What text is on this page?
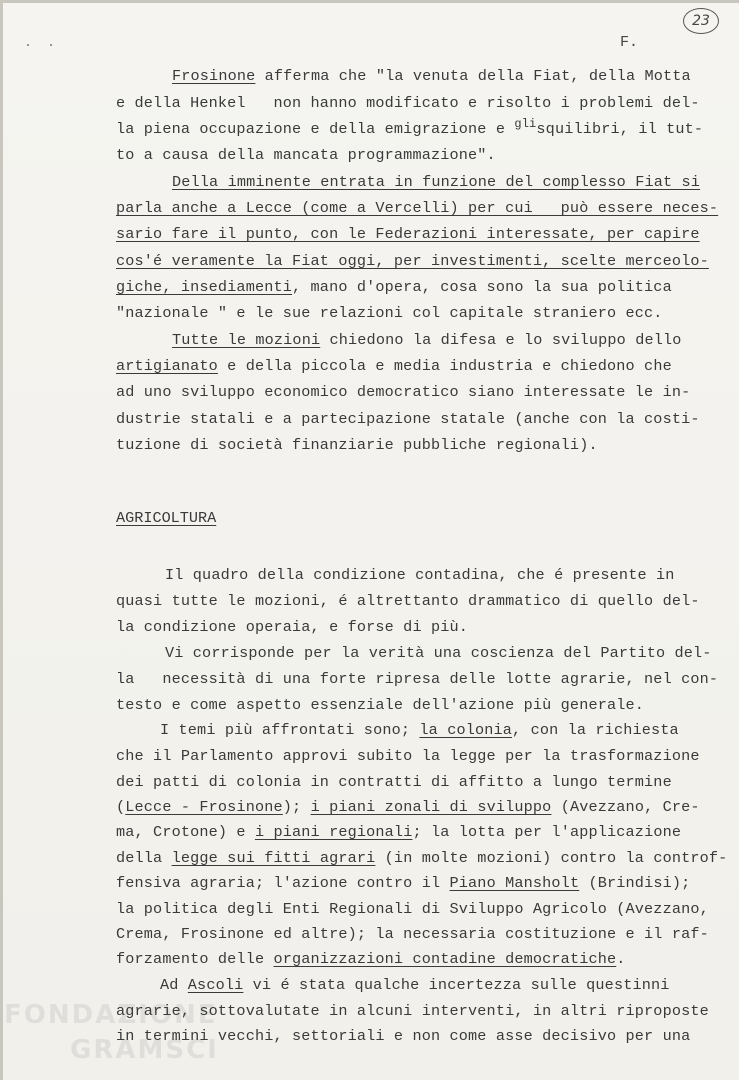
FONDAZIONE
GRAMSCI
23
F.
Frosinone afferma che "la venuta della Fiat, della Motta
e della Henkel   non hanno modificato e risolto i problemi del-
la piena occupazione e della emigrazione e $^{gli}$squilibri, il tut-
to a causa della mancata programmazione".
Della imminente entrata in funzione del complesso Fiat si
parla anche a Lecce (come a Vercelli) per cui   può essere neces-
sario fare il punto, con le Federazioni interessate, per capire
cos'é veramente la Fiat oggi, per investimenti, scelte merceolo-
giche, insediamenti, mano d'opera, cosa sono la sua politica
"nazionale " e le sue relazioni col capitale straniero ecc.
Tutte le mozioni chiedono la difesa e lo sviluppo dello
artigianato e della piccola e media industria e chiedono che
ad uno sviluppo economico democratico siano interessate le in-
dustrie statali e a partecipazione statale (anche con la costi-
tuzione di società finanziarie pubbliche regionali).
AGRICOLTURA
Il quadro della condizione contadina, che é presente in
quasi tutte le mozioni, é altrettanto drammatico di quello del-
la condizione operaia, e forse di più.
Vi corrisponde per la verità una coscienza del Partito del-
la   necessità di una forte ripresa delle lotte agrarie, nel con-
testo e come aspetto essenziale dell'azione più generale.
I temi più affrontati sono; la colonia, con la richiesta
che il Parlamento approvi subito la legge per la trasformazione
dei patti di colonia in contratti di affitto a lungo termine
(Lecce - Frosinone); i piani zonali di sviluppo (Avezzano, Cre-
ma, Crotone) e i piani regionali; la lotta per l'applicazione
della legge sui fitti agrari (in molte mozioni) contro la controf-
fensiva agraria; l'azione contro il Piano Mansholt (Brindisi);
la politica degli Enti Regionali di Sviluppo Agricolo (Avezzano,
Crema, Frosinone ed altre); la necessaria costituzione e il raf-
forzamento delle organizzazioni contadine democratiche.
Ad Ascoli vi é stata qualche incertezza sulle questinni
agrarie, sottovalutate in alcuni interventi, in altri riproposte
in termini vecchi, settoriali e non come asse decisivo per una
